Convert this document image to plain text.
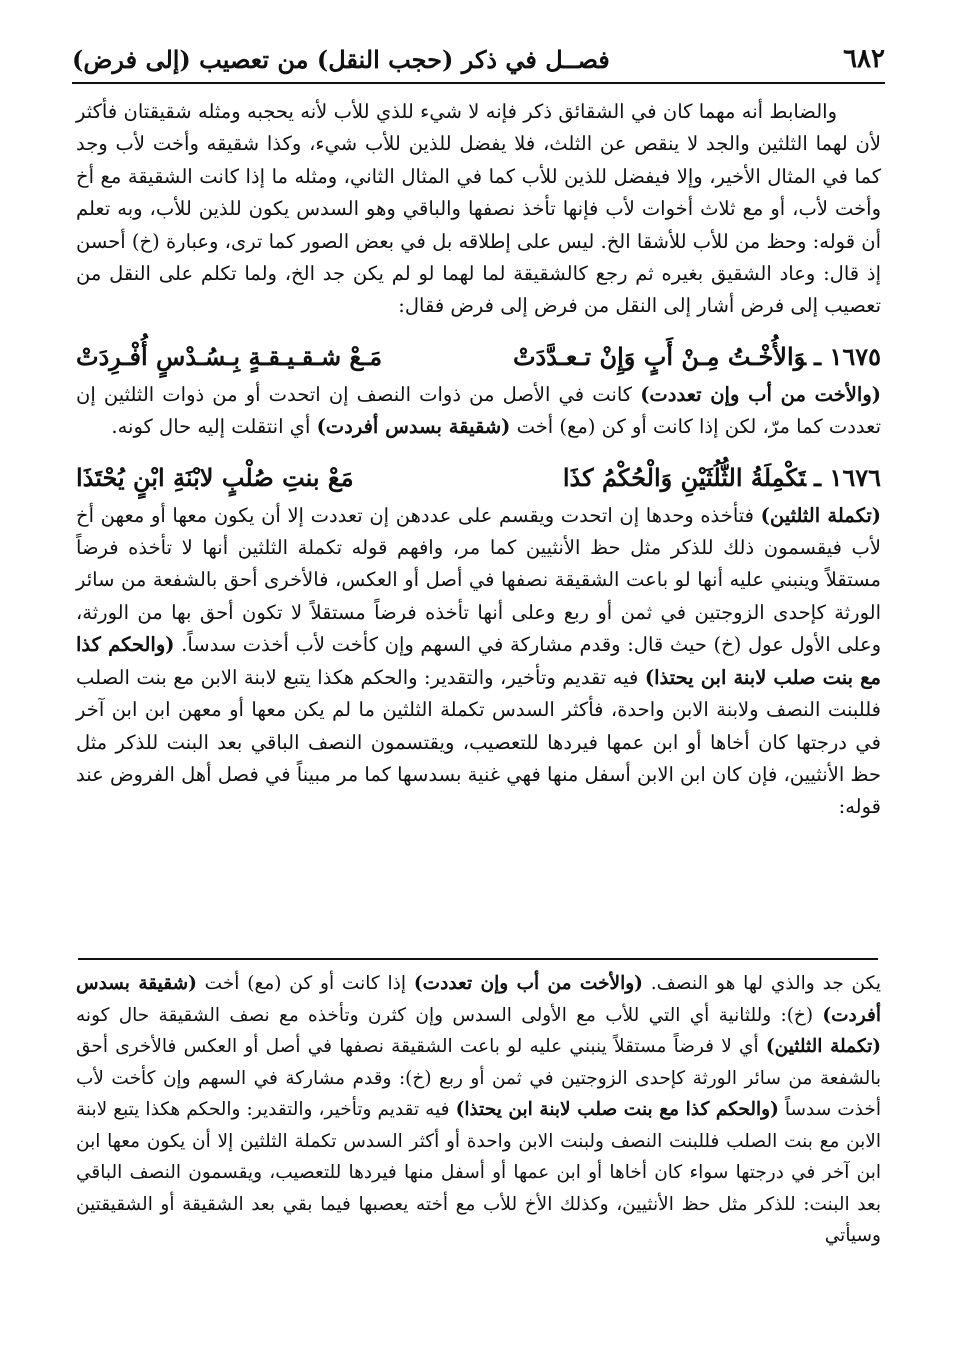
٦٨٢
فصــل في ذكر (حجب النقل) من تعصيب (إلى فرض)

والضابط أنه مهما كان في الشقائق ذكر فإنه لا شيء للذي للأب لأنه يحجبه ومثله شقيقتان فأكثر لأن لهما الثلثين والجد لا ينقص عن الثلث، فلا يفضل للذين للأب شيء، وكذا شقيقه وأخت لأب وجد كما في المثال الأخير، وإلا فيفضل للذين للأب كما في المثال الثاني، ومثله ما إذا كانت الشقيقة مع أخ وأخت لأب، أو مع ثلاث أخوات لأب فإنها تأخذ نصفها والباقي وهو السدس يكون للذين للأب، وبه تعلم أن قوله: وحظ من للأب للأشقا الخ. ليس على إطلاقه بل في بعض الصور كما ترى، وعبارة (خ) أحسن إذ قال: وعاد الشقيق بغيره ثم رجع كالشقيقة لما لهما لو لم يكن جد الخ، ولما تكلم على النقل من تعصيب إلى فرض أشار إلى النقل من فرض إلى فرض فقال:

١٦٧٥ ـوَالأُخْـتُ مِـنْ أَبٍ وَإِنْ تـعـدَّدَتْ
مَـعْ شـقـيـقـةٍ بِـسُـدْسٍ أُفْـرِدَتْ

(والأخت من أب وإن تعددت) كانت في الأصل من ذوات النصف إن اتحدت أو من ذوات الثلثين إن تعددت كما مرّ، لكن إذا كانت أو كن (مع) أخت (شقيقة بسدس أفردت) أي انتقلت إليه حال كونه.

١٦٧٦ ـتَكْمِلَةُ الثُّلُثَيْنِ وَالْحُكْمُ كذَا
مَعْ بنتِ صُلْبٍ لابْنَةِ ابْنٍ يُحْتَذَا

(تكملة الثلثين) فتأخذه وحدها إن اتحدت ويقسم على عددهن إن تعددت إلا أن يكون معها أو معهن أخ لأب فيقسمون ذلك للذكر مثل حظ الأنثيين كما مر، وافهم قوله تكملة الثلثين أنها لا تأخذه فرضاً مستقلاً وينبني عليه أنها لو باعت الشقيقة نصفها في أصل أو العكس، فالأخرى أحق بالشفعة من سائر الورثة كإحدى الزوجتين في ثمن أو ربع وعلى أنها تأخذه فرضاً مستقلاً لا تكون أحق بها من الورثة، وعلى الأول عول (خ) حيث قال: وقدم مشاركة في السهم وإن كأخت لأب أخذت سدساً. (والحكم كذا مع بنت صلب لابنة ابن يحتذا) فيه تقديم وتأخير، والتقدير: والحكم هكذا يتبع لابنة الابن مع بنت الصلب فللبنت النصف ولابنة الابن واحدة، فأكثر السدس تكملة الثلثين ما لم يكن معها أو معهن ابن ابن آخر في درجتها كان أخاها أو ابن عمها فيردها للتعصيب، ويقتسمون النصف الباقي بعد البنت للذكر مثل حظ الأنثيين، فإن كان ابن الابن أسفل منها فهي غنية بسدسها كما مر مبيناً في فصل أهل الفروض عند قوله:

يكن جد والذي لها هو النصف. (والأخت من أب وإن تعددت) إذا كانت أو كن (مع) أخت (شقيقة بسدس أفردت) (خ): وللثانية أي التي للأب مع الأولى السدس وإن كثرن وتأخذه مع نصف الشقيقة حال كونه (تكملة الثلثين) أي لا فرضاً مستقلاً ينبني عليه لو باعت الشقيقة نصفها في أصل أو العكس فالأخرى أحق بالشفعة من سائر الورثة كإحدى الزوجتين في ثمن أو ربع (خ): وقدم مشاركة في السهم وإن كأخت لأب أخذت سدساً (والحكم كذا مع بنت صلب لابنة ابن يحتذا) فيه تقديم وتأخير، والتقدير: والحكم هكذا يتبع لابنة الابن مع بنت الصلب فللبنت النصف ولبنت الابن واحدة أو أكثر السدس تكملة الثلثين إلا أن يكون معها ابن ابن آخر في درجتها سواء كان أخاها أو ابن عمها أو أسفل منها فيردها للتعصيب، ويقسمون النصف الباقي بعد البنت: للذكر مثل حظ الأنثيين، وكذلك الأخ للأب مع أخته يعصبها فيما بقي بعد الشقيقة أو الشقيقتين وسيأتي
